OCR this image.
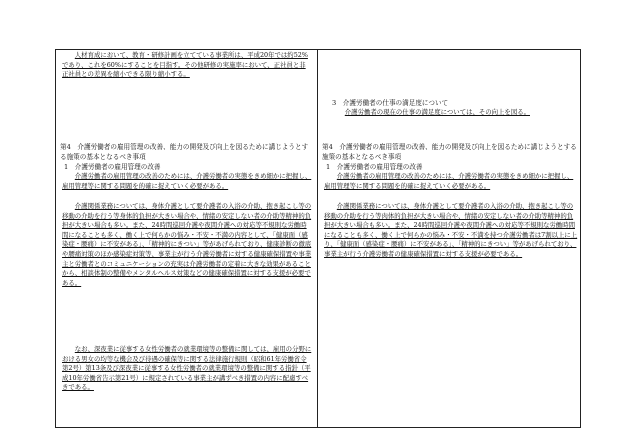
人材育成において、教育・研修計画を立てている事業所は、平成20年では約52%であり、これを60%にすることを目指す。その他研修の実施率において、正社員と非正社員との差異を縮小できる限り縮小する。
第4　介護労働者の雇用管理の改善、能力の開発及び向上を図るために講じようとする施策の基本となるべき事項
1　介護労働者の雇用管理の改善
介護労働者の雇用管理の改善のためには、介護労働者の実態をきめ細かに把握し、雇用管理等に関する問題を的確に捉えていく必要がある。
介護関係業務については、身体介護として要介護者の入浴の介助、抱き起こし等の移動の介助を行う等身体的負担が大きい場合や、情緒の安定しない者の介助等精神的負担が大きい場合も多い。また、24時間巡回介護や夜間介護への対応等不規則な労働時間になることも多く、働く上で何らかの悩み・不安・不満の内容として、「健康面（感染症・腰痛）に不安がある」、「精神的にきつい」等があげられており、健康診断の徹底や腰痛対策のほか感染症対策等、事業主が行う介護労働者に対する健康確保措置や事業主と労働者とのコミュニケーションの充実は介護労働者の定着に大きな効果があることから、相談体制の整備やメンタルヘルス対策などの健康確保措置に対する支援が必要である。
なお、深夜業に従事する女性労働者の就業環境等の整備に関しては、雇用の分野における男女の均等な機会及び待遇の確保等に関する法律施行規則（昭和61年労働省令第2号）第13条及び深夜業に従事する女性労働者の就業環境等の整備に関する指針（平成10年労働省告示第21号）に規定されている事業主が講ずべき措置の内容に配慮すべきである。
3　介護労働者の仕事の満足度について
介護労働者の現在の仕事の満足度については、その向上を図る。
第4　介護労働者の雇用管理の改善、能力の開発及び向上を図るために講じようとする施策の基本となるべき事項
1　介護労働者の雇用管理の改善
介護労働者の雇用管理の改善のためには、介護労働者の実態をきめ細かに把握し、雇用管理等に関する問題を的確に捉えていく必要がある。
介護関係業務については、身体介護として要介護者の入浴の介助、抱き起こし等の移動の介助を行う等肉体的負担が大きい場合や、情緒の安定しない者の介助等精神的負担が大きい場合も多い。また、24時間巡回介護や夜間介護への対応等不規則な労働時間になることも多く、働く上で何らかの悩み・不安・不満を持つ介護労働者は7割以上に上り、「健康面（感染症・腰痛）に不安がある」、「精神的にきつい」等があげられており、事業主が行う介護労働者の健康確保措置に対する支援が必要である。
